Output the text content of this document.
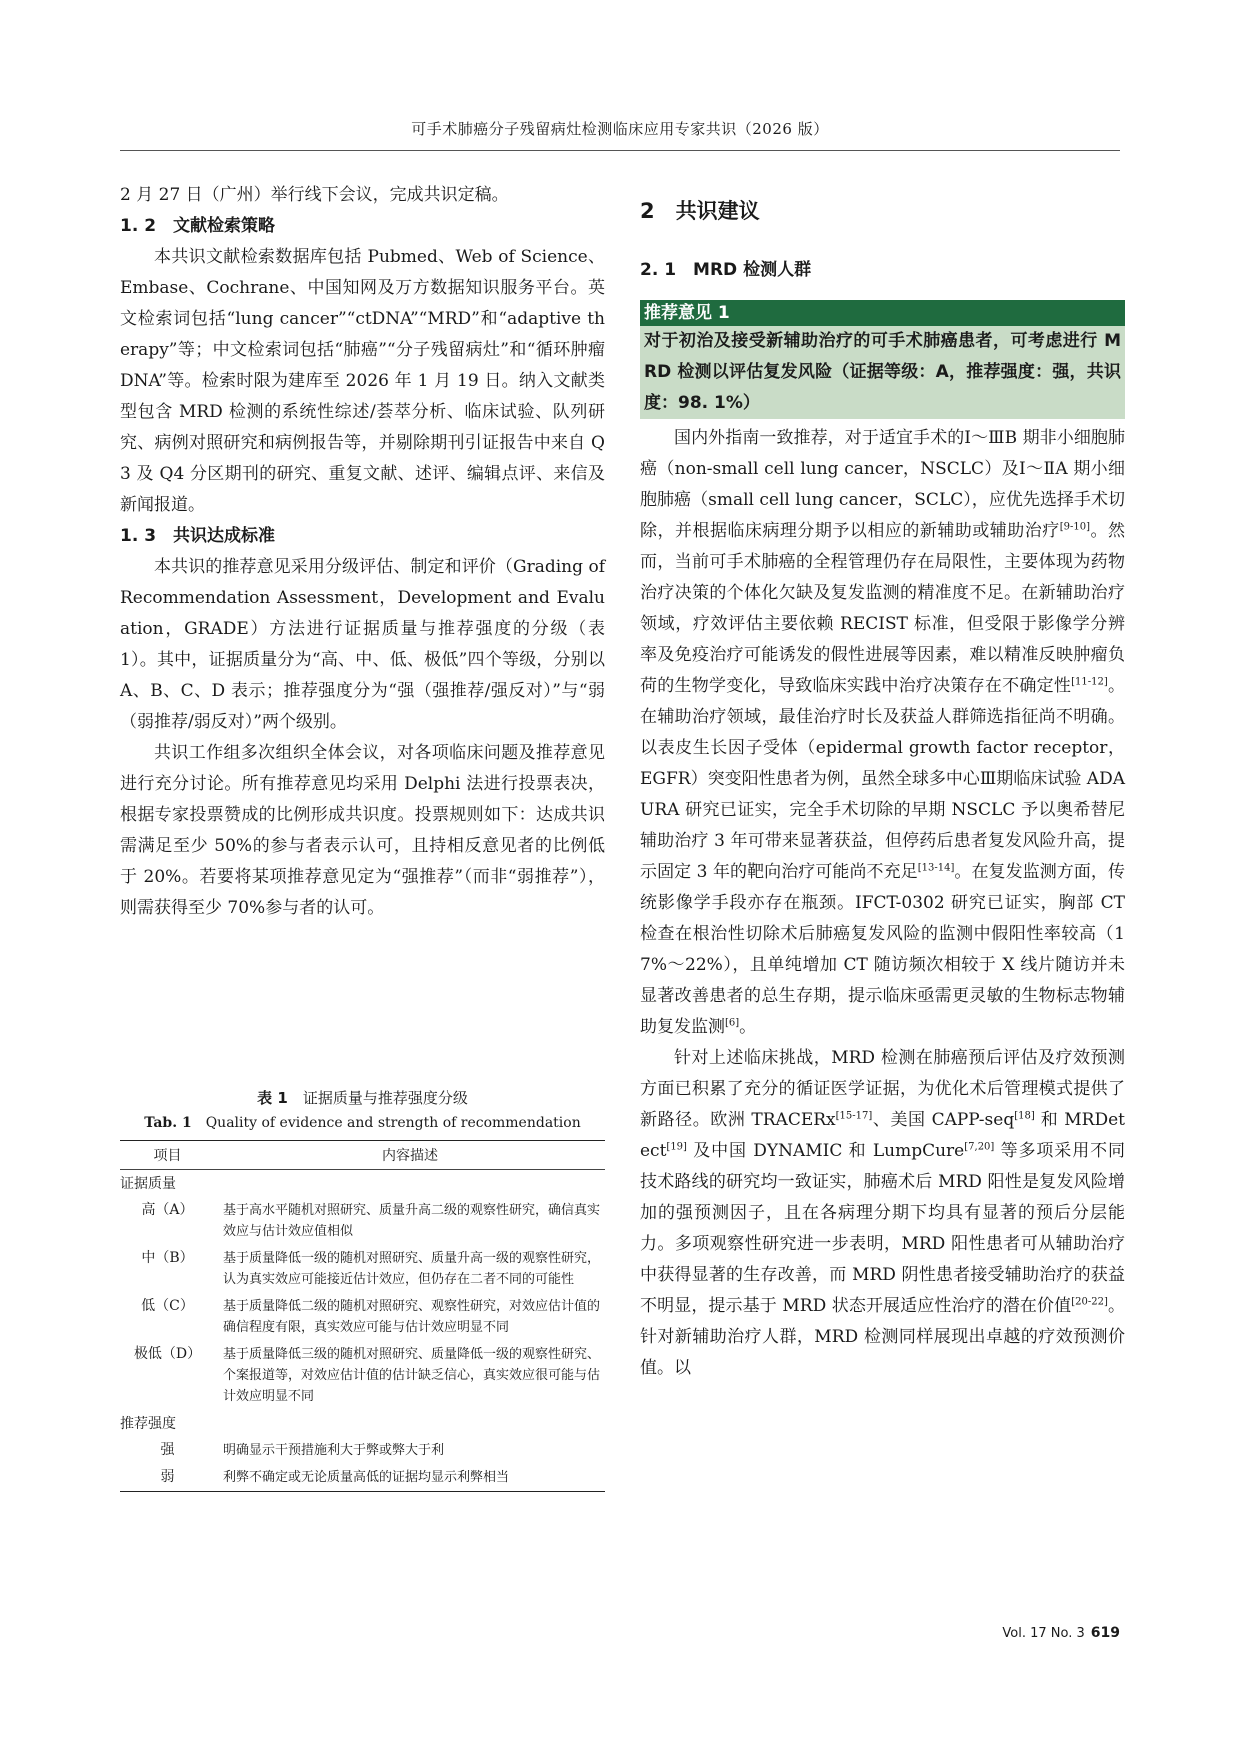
可手术肺癌分子残留病灶检测临床应用专家共识（2026 版）

2 月 27 日（广州）举行线下会议，完成共识定稿。

1. 2　文献检索策略

本共识文献检索数据库包括 Pubmed、Web of Science、Embase、Cochrane、中国知网及万方数据知识服务平台。英文检索词包括“lung cancer”“ctDNA”“MRD”和“adaptive therapy”等；中文检索词包括“肺癌”“分子残留病灶”和“循环肿瘤 DNA”等。检索时限为建库至 2026 年 1 月 19 日。纳入文献类型包含 MRD 检测的系统性综述/荟萃分析、临床试验、队列研究、病例对照研究和病例报告等，并剔除期刊引证报告中来自 Q3 及 Q4 分区期刊的研究、重复文献、述评、编辑点评、来信及新闻报道。

1. 3　共识达成标准

本共识的推荐意见采用分级评估、制定和评价（Grading of Recommendation Assessment，Development and Evaluation，GRADE）方法进行证据质量与推荐强度的分级（表 1）。其中，证据质量分为“高、中、低、极低”四个等级，分别以 A、B、C、D 表示；推荐强度分为“强（强推荐/强反对）”与“弱（弱推荐/弱反对）”两个级别。

共识工作组多次组织全体会议，对各项临床问题及推荐意见进行充分讨论。所有推荐意见均采用 Delphi 法进行投票表决，根据专家投票赞成的比例形成共识度。投票规则如下：达成共识需满足至少 50%的参与者表示认可，且持相反意见者的比例低于 20%。若要将某项推荐意见定为“强推荐”（而非“弱推荐”），则需获得至少 70%参与者的认可。

表 1　 证据质量与推荐强度分级

Tab. 1  Quality of evidence and strength of recommendation

项目	内容描述
证据质量	
高（A）	基于高水平随机对照研究、质量升高二级的观察性研究，确信真实效应与估计效应值相似
中（B）	基于质量降低一级的随机对照研究、质量升高一级的观察性研究，认为真实效应可能接近估计效应，但仍存在二者不同的可能性
低（C）	基于质量降低二级的随机对照研究、观察性研究，对效应估计值的确信程度有限，真实效应可能与估计效应明显不同
极低（D）	基于质量降低三级的随机对照研究、质量降低一级的观察性研究、个案报道等，对效应估计值的估计缺乏信心，真实效应很可能与估计效应明显不同
推荐强度	
强	明确显示干预措施利大于弊或弊大于利
弱	利弊不确定或无论质量高低的证据均显示利弊相当

2　共识建议

2. 1　MRD 检测人群

推荐意见 1
对于初治及接受新辅助治疗的可手术肺癌患者，可考虑进行 MRD 检测以评估复发风险（证据等级：A，推荐强度：强，共识度：98. 1%）

国内外指南一致推荐，对于适宜手术的Ⅰ～ⅢB 期非小细胞肺癌（non-small cell lung cancer，NSCLC）及Ⅰ～ⅡA 期小细胞肺癌（small cell lung cancer，SCLC），应优先选择手术切除，并根据临床病理分期予以相应的新辅助或辅助治疗[9-10]。然而，当前可手术肺癌的全程管理仍存在局限性，主要体现为药物治疗决策的个体化欠缺及复发监测的精准度不足。在新辅助治疗领域，疗效评估主要依赖 RECIST 标准，但受限于影像学分辨率及免疫治疗可能诱发的假性进展等因素，难以精准反映肿瘤负荷的生物学变化，导致临床实践中治疗决策存在不确定性[11-12]。在辅助治疗领域，最佳治疗时长及获益人群筛选指征尚不明确。以表皮生长因子受体（epidermal growth factor receptor，EGFR）突变阳性患者为例，虽然全球多中心Ⅲ期临床试验 ADAURA 研究已证实，完全手术切除的早期 NSCLC 予以奥希替尼辅助治疗 3 年可带来显著获益，但停药后患者复发风险升高，提示固定 3 年的靶向治疗可能尚不充足[13-14]。在复发监测方面，传统影像学手段亦存在瓶颈。IFCT-0302 研究已证实，胸部 CT 检查在根治性切除术后肺癌复发风险的监测中假阳性率较高（17%～22%），且单纯增加 CT 随访频次相较于 X 线片随访并未显著改善患者的总生存期，提示临床亟需更灵敏的生物标志物辅助复发监测[6]。

针对上述临床挑战，MRD 检测在肺癌预后评估及疗效预测方面已积累了充分的循证医学证据，为优化术后管理模式提供了新路径。欧洲 TRACERx[15-17]、美国 CAPP-seq[18] 和 MRDetect[19] 及中国 DYNAMIC 和 LumpCure[7,20] 等多项采用不同技术路线的研究均一致证实，肺癌术后 MRD 阳性是复发风险增加的强预测因子，且在各病理分期下均具有显著的预后分层能力。多项观察性研究进一步表明，MRD 阳性患者可从辅助治疗中获得显著的生存改善，而 MRD 阴性患者接受辅助治疗的获益不明显，提示基于 MRD 状态开展适应性治疗的潜在价值[20-22]。针对新辅助治疗人群，MRD 检测同样展现出卓越的疗效预测价值。以

Vol. 17 No. 3 619
